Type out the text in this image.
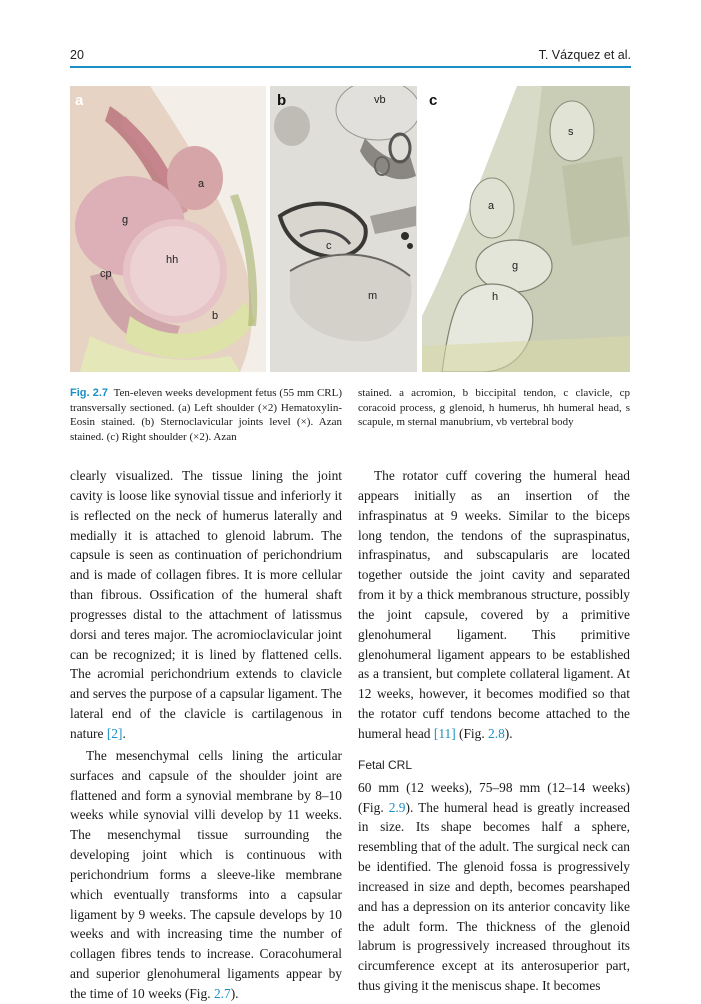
20	T. Vázquez et al.
a
a
g
hh
cp
b
b	vb
c
m
c
s
a
g
h
Fig. 2.7 Ten-eleven weeks development fetus (55 mm CRL) transversally sectioned. (a) Left shoulder (×2) Hematoxylin-Eosin stained. (b) Sternoclavicular joints level (×). Azan stained. (c) Right shoulder (×2). Azan
stained. a acromion, b biccipital tendon, c clavicle, cp coracoid process, g glenoid, h humerus, hh humeral head, s scapule, m sternal manubrium, vb vertebral body

clearly visualized. The tissue lining the joint cavity is loose like synovial tissue and inferiorly it is reflected on the neck of humerus laterally and medially it is attached to glenoid labrum. The capsule is seen as continuation of perichondrium and is made of collagen fibres. It is more cellular than fibrous. Ossification of the humeral shaft progresses distal to the attachment of latissmus dorsi and teres major. The acromioclavicular joint can be recognized; it is lined by flattened cells. The acromial perichondrium extends to clavicle and serves the purpose of a capsular ligament. The lateral end of the clavicle is cartilagenous in nature [2].

The mesenchymal cells lining the articular surfaces and capsule of the shoulder joint are flattened and form a synovial membrane by 8–10 weeks while synovial villi develop by 11 weeks. The mesenchymal tissue surrounding the developing joint which is continuous with perichondrium forms a sleeve-like membrane which eventually transforms into a capsular ligament by 9 weeks. The capsule develops by 10 weeks and with increasing time the number of collagen fibres tends to increase. Coracohumeral and superior glenohumeral ligaments appear by the time of 10 weeks (Fig. 2.7).

The rotator cuff covering the humeral head appears initially as an insertion of the infraspinatus at 9 weeks. Similar to the biceps long tendon, the tendons of the supraspinatus, infraspinatus, and subscapularis are located together outside the joint cavity and separated from it by a thick membranous structure, possibly the joint capsule, covered by a primitive glenohumeral ligament. This primitive glenohumeral ligament appears to be established as a transient, but complete collateral ligament. At 12 weeks, however, it becomes modified so that the rotator cuff tendons become attached to the humeral head [11] (Fig. 2.8).

Fetal CRL
60 mm (12 weeks), 75–98 mm (12–14 weeks) (Fig. 2.9). The humeral head is greatly increased in size. Its shape becomes half a sphere, resembling that of the adult. The surgical neck can be identified. The glenoid fossa is progressively increased in size and depth, becomes pearshaped and has a depression on its anterior concavity like the adult form. The thickness of the glenoid labrum is progressively increased throughout its circumference except at its anterosuperior part, thus giving it the meniscus shape. It becomes
